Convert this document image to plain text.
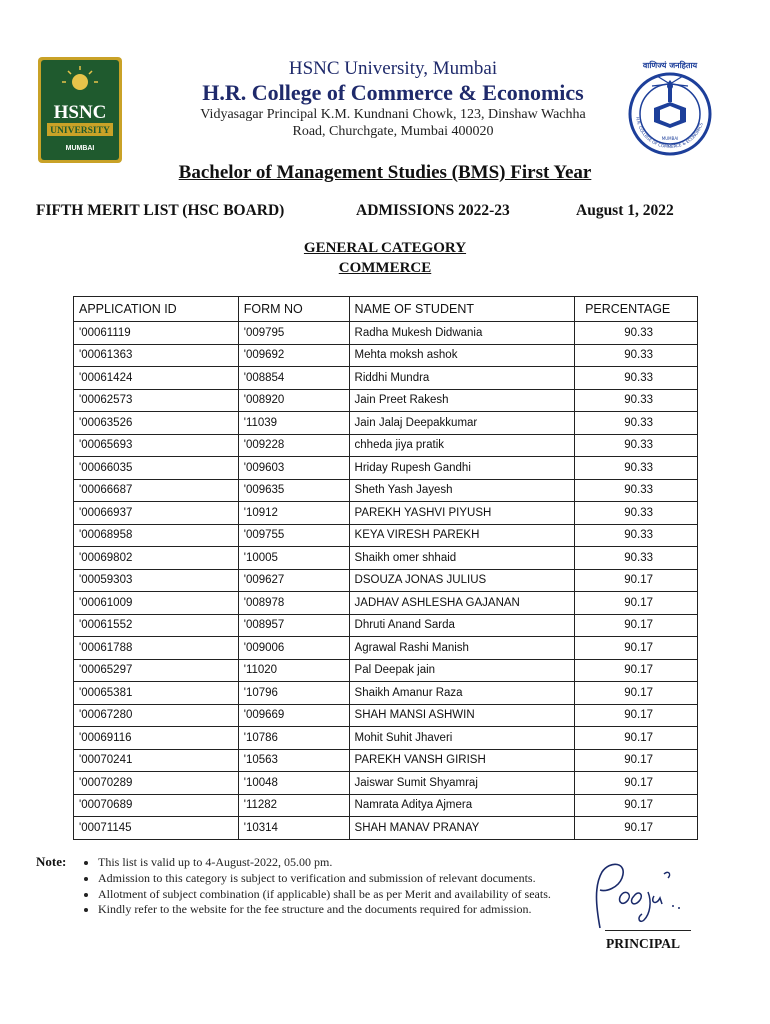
HSNC
UNIVERSITY
MUMBAI
HSNC University, Mumbai
H.R. College of Commerce & Economics
Vidyasagar Principal K.M. Kundnani Chowk, 123, Dinshaw Wachha
Road, Churchgate, Mumbai 400020
वाणिज्यं जनहिताय
H.R. COLLEGE OF COMMERCE & ECONOMICS
MUMBAI
Bachelor of Management Studies (BMS) First Year
FIFTH MERIT LIST (HSC BOARD)	ADMISSIONS 2022-23	August 1, 2022
GENERAL CATEGORY
COMMERCE
APPLICATION ID	FORM NO	NAME OF STUDENT	PERCENTAGE
'00061119	'009795	Radha Mukesh Didwania	90.33
'00061363	'009692	Mehta moksh ashok	90.33
'00061424	'008854	Riddhi Mundra	90.33
'00062573	'008920	Jain Preet Rakesh	90.33
'00063526	'11039	Jain Jalaj Deepakkumar	90.33
'00065693	'009228	chheda jiya pratik	90.33
'00066035	'009603	Hriday Rupesh Gandhi	90.33
'00066687	'009635	Sheth Yash Jayesh	90.33
'00066937	'10912	PAREKH YASHVI PIYUSH	90.33
'00068958	'009755	KEYA VIRESH PAREKH	90.33
'00069802	'10005	Shaikh omer shhaid	90.33
'00059303	'009627	DSOUZA JONAS JULIUS	90.17
'00061009	'008978	JADHAV ASHLESHA GAJANAN	90.17
'00061552	'008957	Dhruti Anand Sarda	90.17
'00061788	'009006	Agrawal Rashi Manish	90.17
'00065297	'11020	Pal Deepak jain	90.17
'00065381	'10796	Shaikh Amanur Raza	90.17
'00067280	'009669	SHAH MANSI ASHWIN	90.17
'00069116	'10786	Mohit Suhit Jhaveri	90.17
'00070241	'10563	PAREKH VANSH GIRISH	90.17
'00070289	'10048	Jaiswar Sumit Shyamraj	90.17
'00070689	'11282	Namrata Aditya Ajmera	90.17
'00071145	'10314	SHAH MANAV PRANAY	90.17
Note:	• This list is valid up to 4-August-2022, 05.00 pm.
• Admission to this category is subject to verification and submission of relevant documents.
• Allotment of subject combination (if applicable) shall be as per Merit and availability of seats.
• Kindly refer to the website for the fee structure and the documents required for admission.
PRINCIPAL
